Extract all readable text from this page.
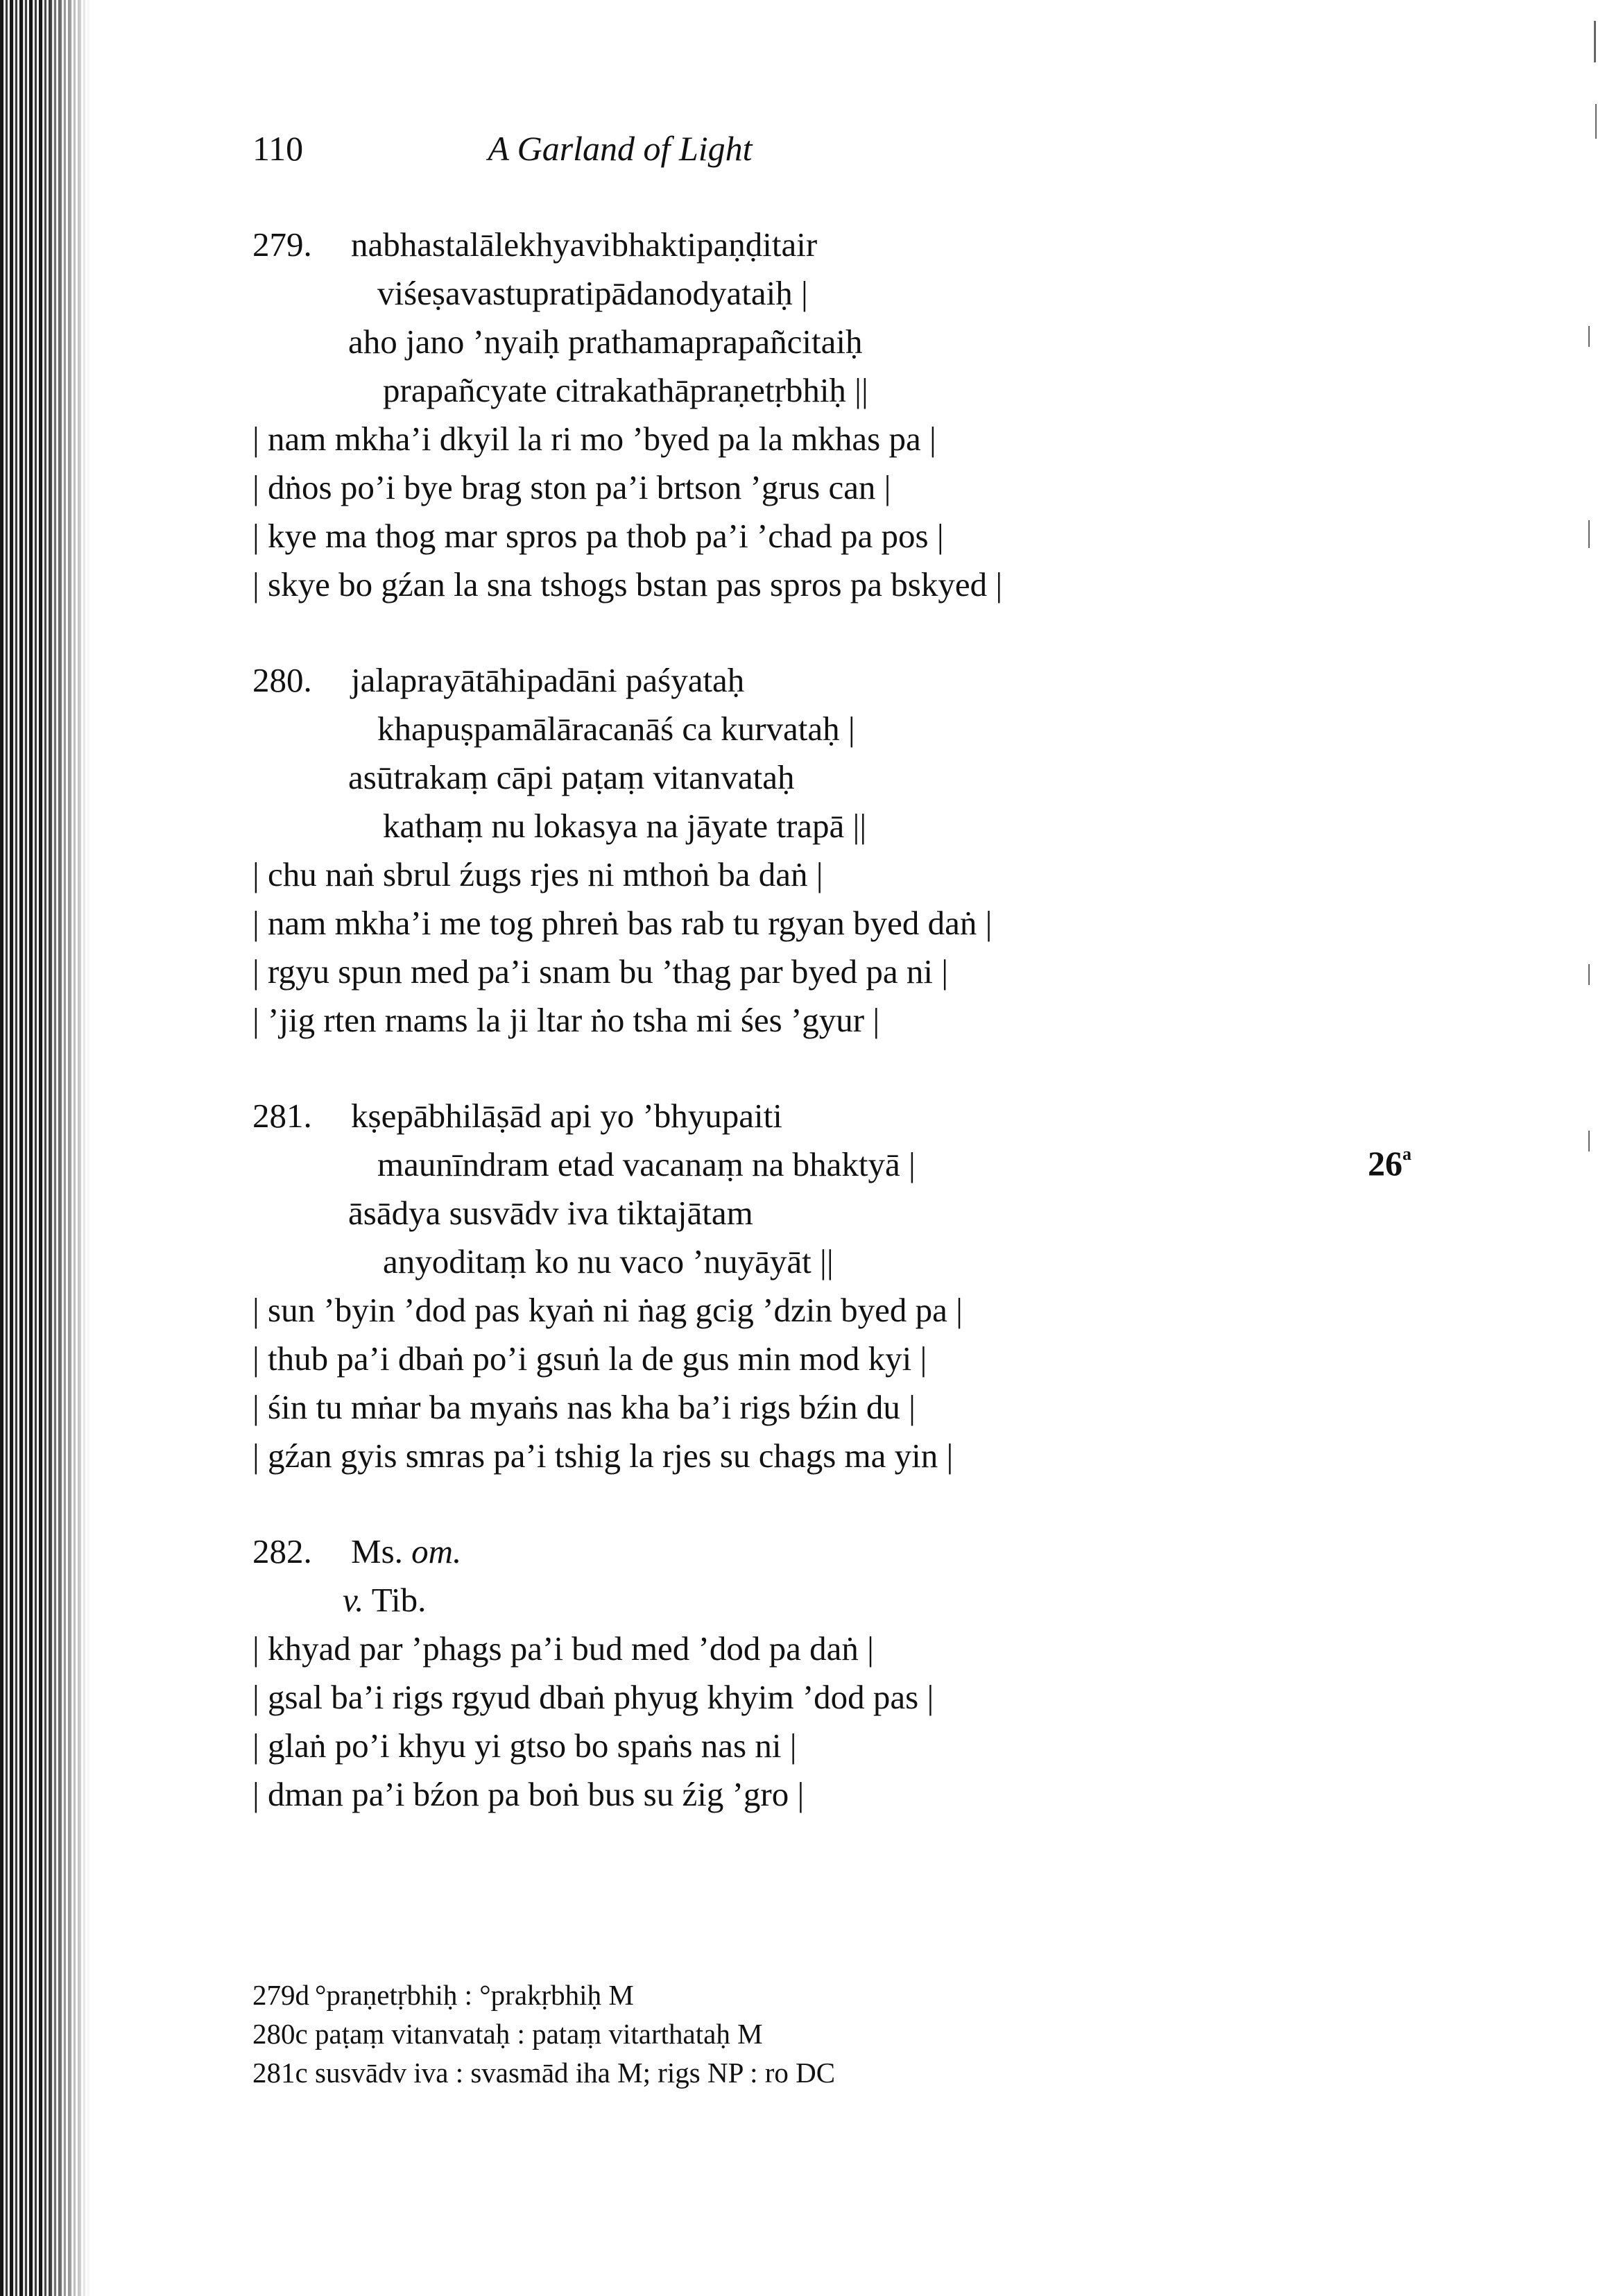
110	A Garland of Light
279. nabhastalālekhyavibhaktipaṇḍitair
viśeṣavastupratipādanodyataiḥ |
aho jano ’nyaiḥ prathamaprapañcitaiḥ
prapañcyate citrakathāpraṇetṛbhiḥ ||
| nam mkha’i dkyil la ri mo ’byed pa la mkhas pa |
| dṅos po’i bye brag ston pa’i brtson ’grus can |
| kye ma thog mar spros pa thob pa’i ’chad pa pos |
| skye bo gźan la sna tshogs bstan pas spros pa bskyed |
280. jalaprayātāhipadāni paśyataḥ
khapuṣpamālāracanāś ca kurvataḥ |
asūtrakaṃ cāpi paṭaṃ vitanvataḥ
kathaṃ nu lokasya na jāyate trapā ||
| chu naṅ sbrul źugs rjes ni mthoṅ ba daṅ |
| nam mkha’i me tog phreṅ bas rab tu rgyan byed daṅ |
| rgyu spun med pa’i snam bu ’thag par byed pa ni |
| ’jig rten rnams la ji ltar ṅo tsha mi śes ’gyur |
281. kṣepābhilāṣād api yo ’bhyupaiti
maunīndram etad vacanaṃ na bhaktyā |
āsādya susvādv iva tiktajātam
anyoditaṃ ko nu vaco ’nuyāyāt ||
| sun ’byin ’dod pas kyaṅ ni ṅag gcig ’dzin byed pa |
| thub pa’i dbaṅ po’i gsuṅ la de gus min mod kyi |
| śin tu mṅar ba myaṅs nas kha ba’i rigs bźin du |
| gźan gyis smras pa’i tshig la rjes su chags ma yin |
282. Ms. om.
v. Tib.
| khyad par ’phags pa’i bud med ’dod pa daṅ |
| gsal ba’i rigs rgyud dbaṅ phyug khyim ’dod pas |
| glaṅ po’i khyu yi gtso bo spaṅs nas ni |
| dman pa’i bźon pa boṅ bus su źig ’gro |
26$^a$
279d °praṇetṛbhiḥ : °prakṛbhiḥ M
280c paṭaṃ vitanvataḥ : pataṃ vitarthataḥ M
281c susvādv iva : svasmād iha M; rigs NP : ro DC
